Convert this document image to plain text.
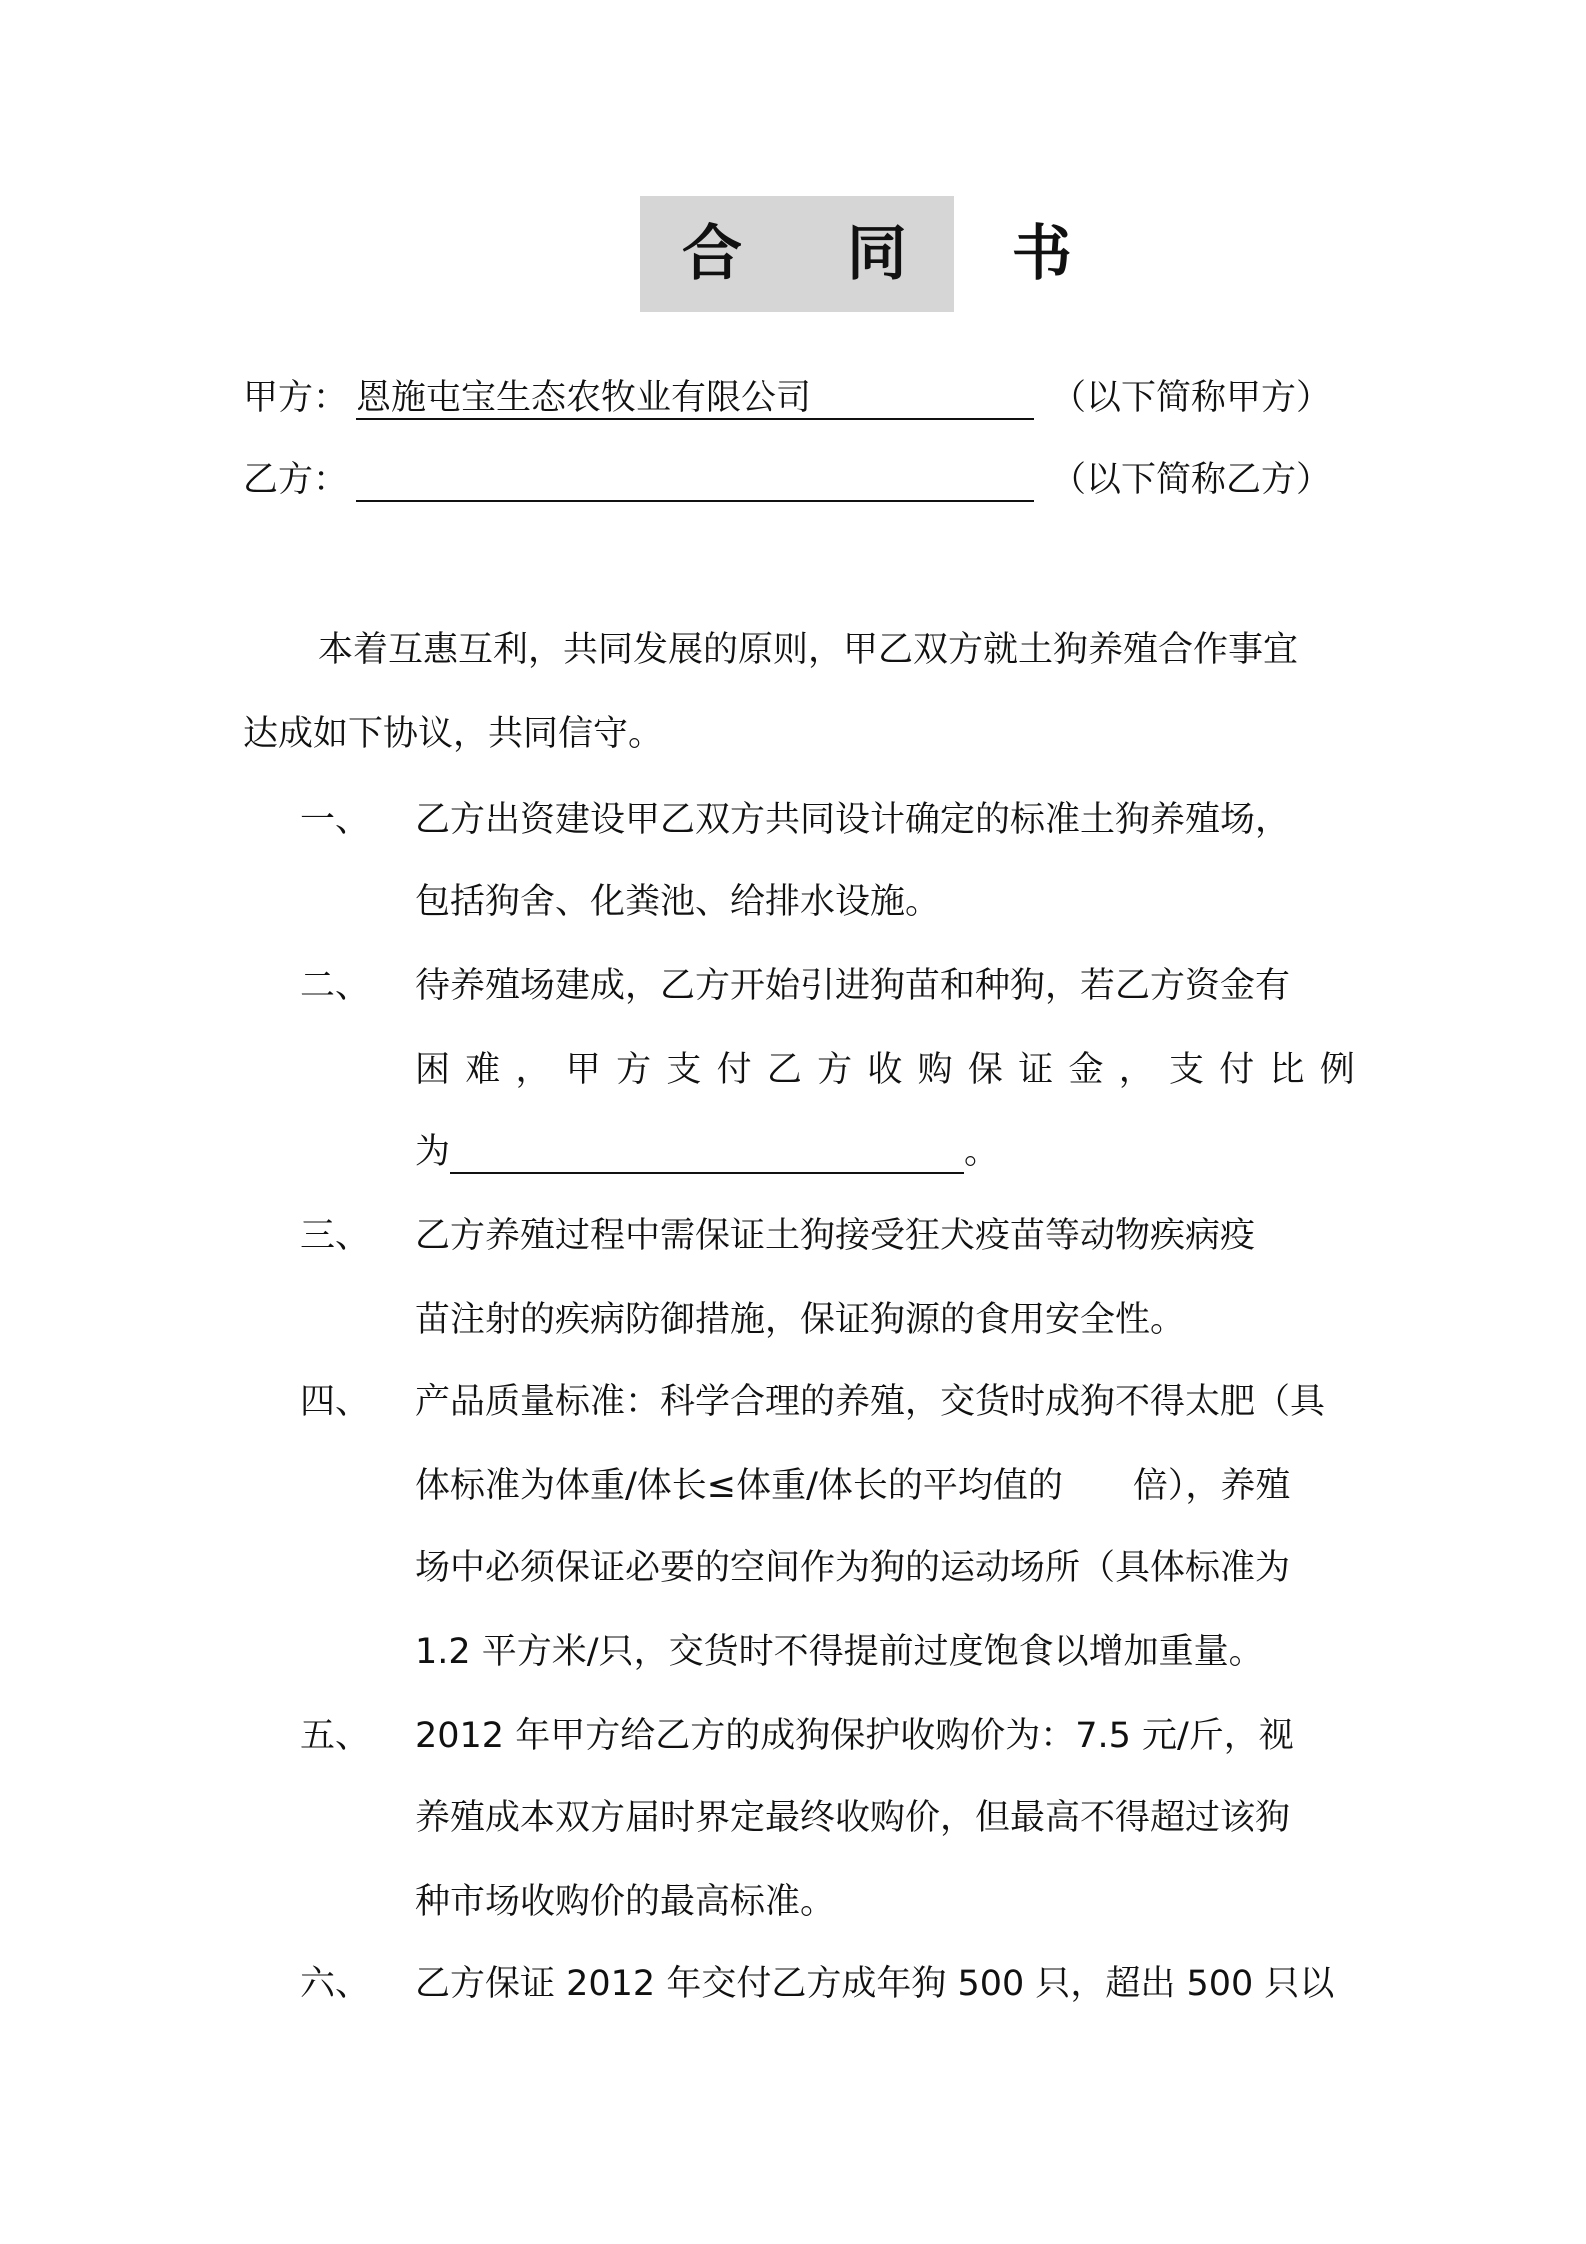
合 同 书
甲方： 恩施屯宝生态农牧业有限公司	（以下简称甲方）
乙方：	（以下简称乙方）
本着互惠互利，共同发展的原则，甲乙双方就土狗养殖合作事宜
达成如下协议，共同信守。
一、 乙方出资建设甲乙双方共同设计确定的标准土狗养殖场，
包括狗舍、化粪池、给排水设施。
二、 待养殖场建成，乙方开始引进狗苗和种狗，若乙方资金有
困 难 ， 甲 方 支 付 乙 方 收 购 保 证 金 ， 支 付 比 例
为	。
三、 乙方养殖过程中需保证土狗接受狂犬疫苗等动物疾病疫
苗注射的疾病防御措施，保证狗源的食用安全性。
四、 产品质量标准：科学合理的养殖，交货时成狗不得太肥（具
体标准为体重/体长≤体重/体长的平均值的　　倍），养殖
场中必须保证必要的空间作为狗的运动场所（具体标准为
1.2 平方米/只，交货时不得提前过度饱食以增加重量。
五、 2012 年甲方给乙方的成狗保护收购价为：7.5 元/斤，视
养殖成本双方届时界定最终收购价，但最高不得超过该狗
种市场收购价的最高标准。
六、 乙方保证 2012 年交付乙方成年狗 500 只，超出 500 只以
